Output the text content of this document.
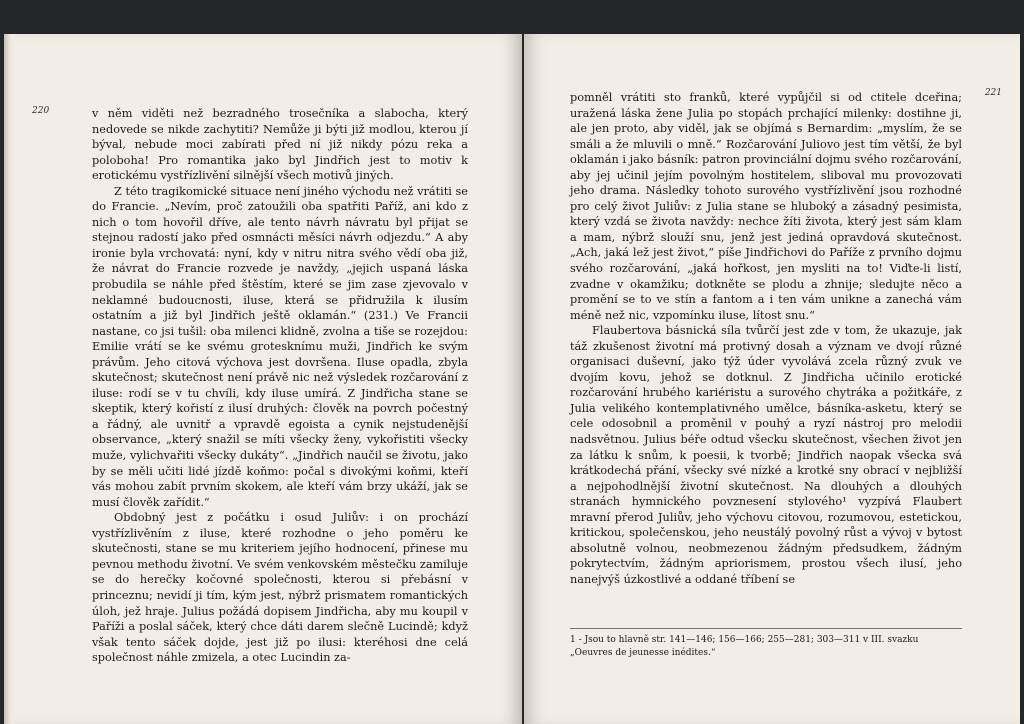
220	v něm viděti než bezradného trosečníka a slabocha, který nedovede se nikde zachytiti? Nemůže ji býti již modlou, kterou jí býval, nebude moci zabírati před ní již nikdy pózu reka a poloboha! Pro romantika jako byl Jindřich jest to motiv k erotickému vystřízlivění silnější všech motivů jiných.

Z této tragikomické situace není jiného východu než vrátiti se do Francie. „Nevím, proč zatoužili oba spatřiti Paříž, ani kdo z nich o tom hovořil dříve, ale tento návrh návratu byl přijat se stejnou radostí jako před osmnácti měsíci návrh odjezdu.“ A aby ironie byla vrchovatá: nyní, kdy v nitru nitra svého vědí oba již, že návrat do Francie rozvede je navždy, „jejich uspaná láska probudila se náhle před štěstím, které se jim zase zjevovalo v neklamné budoucnosti, iluse, která se přidružila k ilusím ostatním a již byl Jindřich ještě oklamán.“ (231.) Ve Francii nastane, co jsi tušil: oba milenci klidně, zvolna a tiše se rozejdou: Emilie vrátí se ke svému grotesknímu muži, Jindřich ke svým právům. Jeho citová výchova jest dovršena. Iluse opadla, zbyla skutečnost; skutečnost není právě nic než výsledek rozčarování z iluse: rodí se v tu chvíli, kdy iluse umírá. Z Jindřicha stane se skeptik, který kořistí z ilusí druhých: člověk na povrch počestný a řádný, ale uvnitř a vpravdě egoista a cynik nejstudenější observance, „který snažil se míti všecky ženy, vykořistiti všecky muže, vylichvařiti všecky dukáty“. „Jindřich naučil se životu, jako by se měli učiti lidé jízdě koňmo: počal s divokými koňmi, kteří vás mohou zabít prvním skokem, ale kteří vám brzy ukáží, jak se musí člověk zařídit.“

Obdobný jest z počátku i osud Juliův: i on prochází vystřízlivěním z iluse, které rozhodne o jeho poměru ke skutečnosti, stane se mu kriteriem jejího hodnocení, přinese mu pevnou methodu životní. Ve svém venkovském městečku zamiluje se do herečky kočovné společnosti, kterou si přebásní v princeznu; nevidí ji tím, kým jest, nýbrž prismatem romantických úloh, jež hraje. Julius požádá dopisem Jindřicha, aby mu koupil v Paříži a poslal sáček, který chce dáti darem slečně Lucindě; když však tento sáček dojde, jest již po ilusi: kteréhosi dne celá společnost náhle zmizela, a otec Lucindin za-

221

pomněl vrátiti sto franků, které vypůjčil si od ctitele dceřina; uražená láska žene Julia po stopách prchající milenky: dostihne ji, ale jen proto, aby viděl, jak se objímá s Bernardim: „myslím, že se smáli a že mluvili o mně.“ Rozčarování Juliovo jest tím větší, že byl oklamán i jako básník: patron provinciální dojmu svého rozčarování, aby jej učinil jejím povolným hostitelem, sliboval mu provozovati jeho drama. Následky tohoto surového vystřízlivění jsou rozhodné pro celý život Juliův: z Julia stane se hluboký a zásadný pesimista, který vzdá se života navždy: nechce žíti života, který jest sám klam a mam, nýbrž slouží snu, jenž jest jediná opravdová skutečnost. „Ach, jaká lež jest život,“ píše Jindřichovi do Paříže z prvního dojmu svého rozčarování, „jaká hořkost, jen mysliti na to! Viďte-li listí, zvadne v okamžiku; dotkněte se plodu a zhnije; sledujte něco a promění se to ve stín a fantom a i ten vám unikne a zanechá vám méně než nic, vzpomínku iluse, lítost snu.“

Flaubertova básnická síla tvůrčí jest zde v tom, že ukazuje, jak táž zkušenost životní má protivný dosah a význam ve dvojí různé organisaci duševní, jako týž úder vyvolává zcela různý zvuk ve dvojím kovu, jehož se dotknul. Z Jindřicha učinilo erotické rozčarování hrubého kariéristu a surového chytráka a požitkáře, z Julia velikého kontemplativného umělce, básníka-asketu, který se cele odosobnil a proměnil v pouhý a ryzí nástroj pro melodii nadsvětnou. Julius béře odtud všecku skutečnost, všechen život jen za látku k snům, k poesii, k tvorbě; Jindřich naopak všecka svá krátkodechá přání, všecky své nízké a krotké sny obrací v nejbližší a nejpohodlnější životní skutečnost. Na dlouhých a dlouhých stranách hymnického povznesení stylového¹ vyzpívá Flaubert mravní přerod Juliův, jeho výchovu citovou, rozumovou, estetickou, kritickou, společenskou, jeho neustálý povolný růst a vývoj v bytost absolutně volnou, neobmezenou žádným předsudkem, žádným pokrytectvím, žádným apriorismem, prostou všech ilusí, jeho nanejvýš úzkostlivé a oddané tříbení se

1 - Jsou to hlavně str. 141—146; 156—166; 255—281; 303—311 v III. svazku „Oeuvres de jeunesse inédites.“
